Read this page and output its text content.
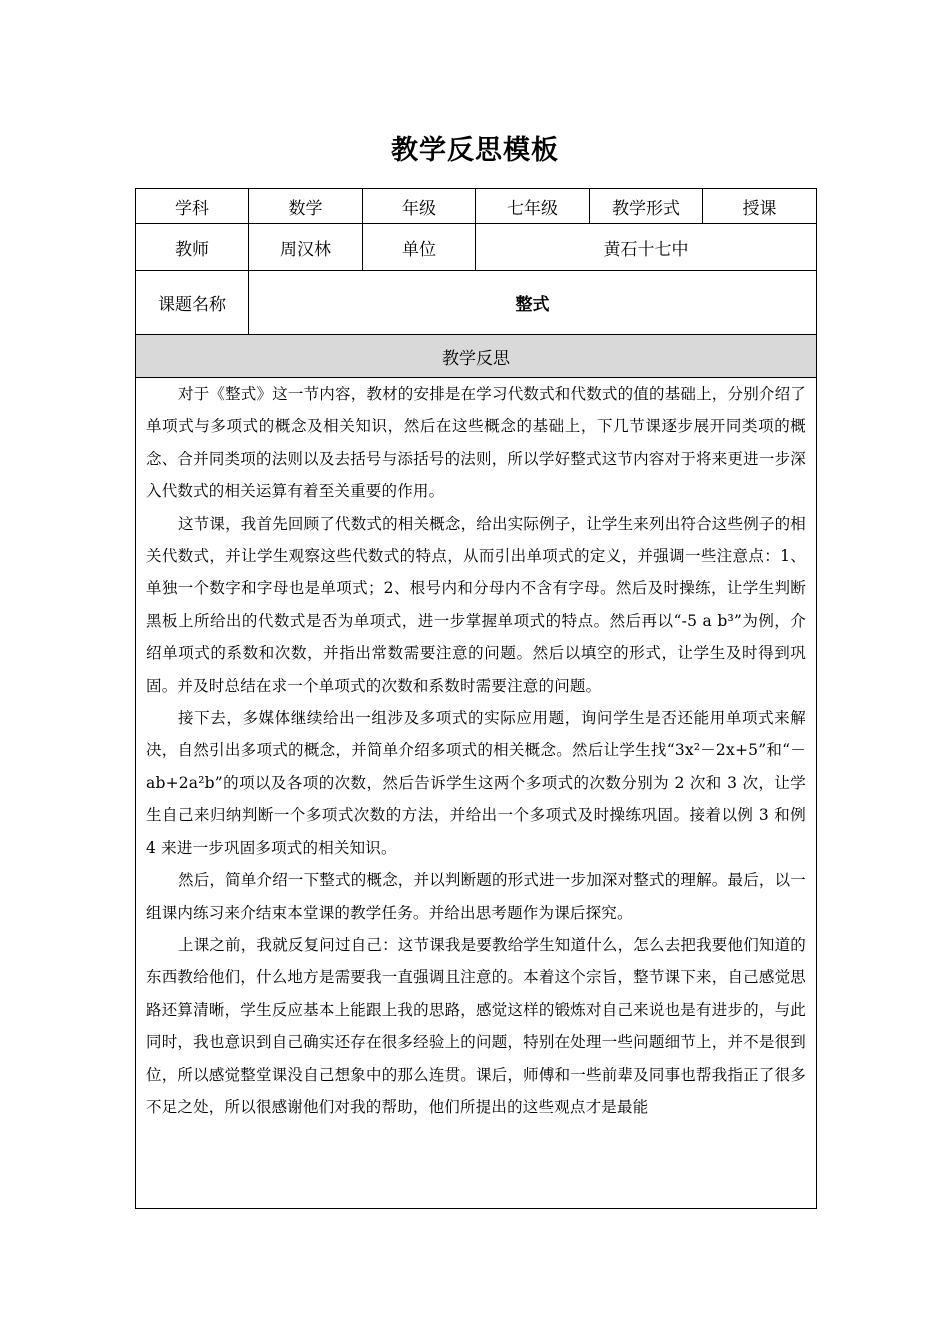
教学反思模板
学科	数学	年级	七年级	教学形式	授课
教师	周汉林	单位	黄石十七中		
课题名称	整式				
教学反思					

对于《整式》这一节内容，教材的安排是在学习代数式和代数式的值的基础上，分别介绍了单项式与多项式的概念及相关知识，然后在这些概念的基础上，下几节课逐步展开同类项的概念、合并同类项的法则以及去括号与添括号的法则，所以学好整式这节内容对于将来更进一步深入代数式的相关运算有着至关重要的作用。

这节课，我首先回顾了代数式的相关概念，给出实际例子，让学生来列出符合这些例子的相关代数式，并让学生观察这些代数式的特点，从而引出单项式的定义，并强调一些注意点：1、单独一个数字和字母也是单项式；2、根号内和分母内不含有字母。然后及时操练，让学生判断黑板上所给出的代数式是否为单项式，进一步掌握单项式的特点。然后再以“-5 a b³”为例，介绍单项式的系数和次数，并指出常数需要注意的问题。然后以填空的形式，让学生及时得到巩固。并及时总结在求一个单项式的次数和系数时需要注意的问题。

接下去，多媒体继续给出一组涉及多项式的实际应用题，询问学生是否还能用单项式来解决，自然引出多项式的概念，并简单介绍多项式的相关概念。然后让学生找“3x²－2x+5”和“－ab+2a²b”的项以及各项的次数，然后告诉学生这两个多项式的次数分别为 2 次和 3 次，让学生自己来归纳判断一个多项式次数的方法，并给出一个多项式及时操练巩固。接着以例 3 和例 4 来进一步巩固多项式的相关知识。

然后，简单介绍一下整式的概念，并以判断题的形式进一步加深对整式的理解。最后，以一组课内练习来介结束本堂课的教学任务。并给出思考题作为课后探究。

上课之前，我就反复问过自己：这节课我是要教给学生知道什么，怎么去把我要他们知道的东西教给他们，什么地方是需要我一直强调且注意的。本着这个宗旨，整节课下来，自己感觉思路还算清晰，学生反应基本上能跟上我的思路，感觉这样的锻炼对自己来说也是有进步的，与此同时，我也意识到自己确实还存在很多经验上的问题，特别在处理一些问题细节上，并不是很到位，所以感觉整堂课没自己想象中的那么连贯。课后，师傅和一些前辈及同事也帮我指正了很多不足之处，所以很感谢他们对我的帮助，他们所提出的这些观点才是最能					
